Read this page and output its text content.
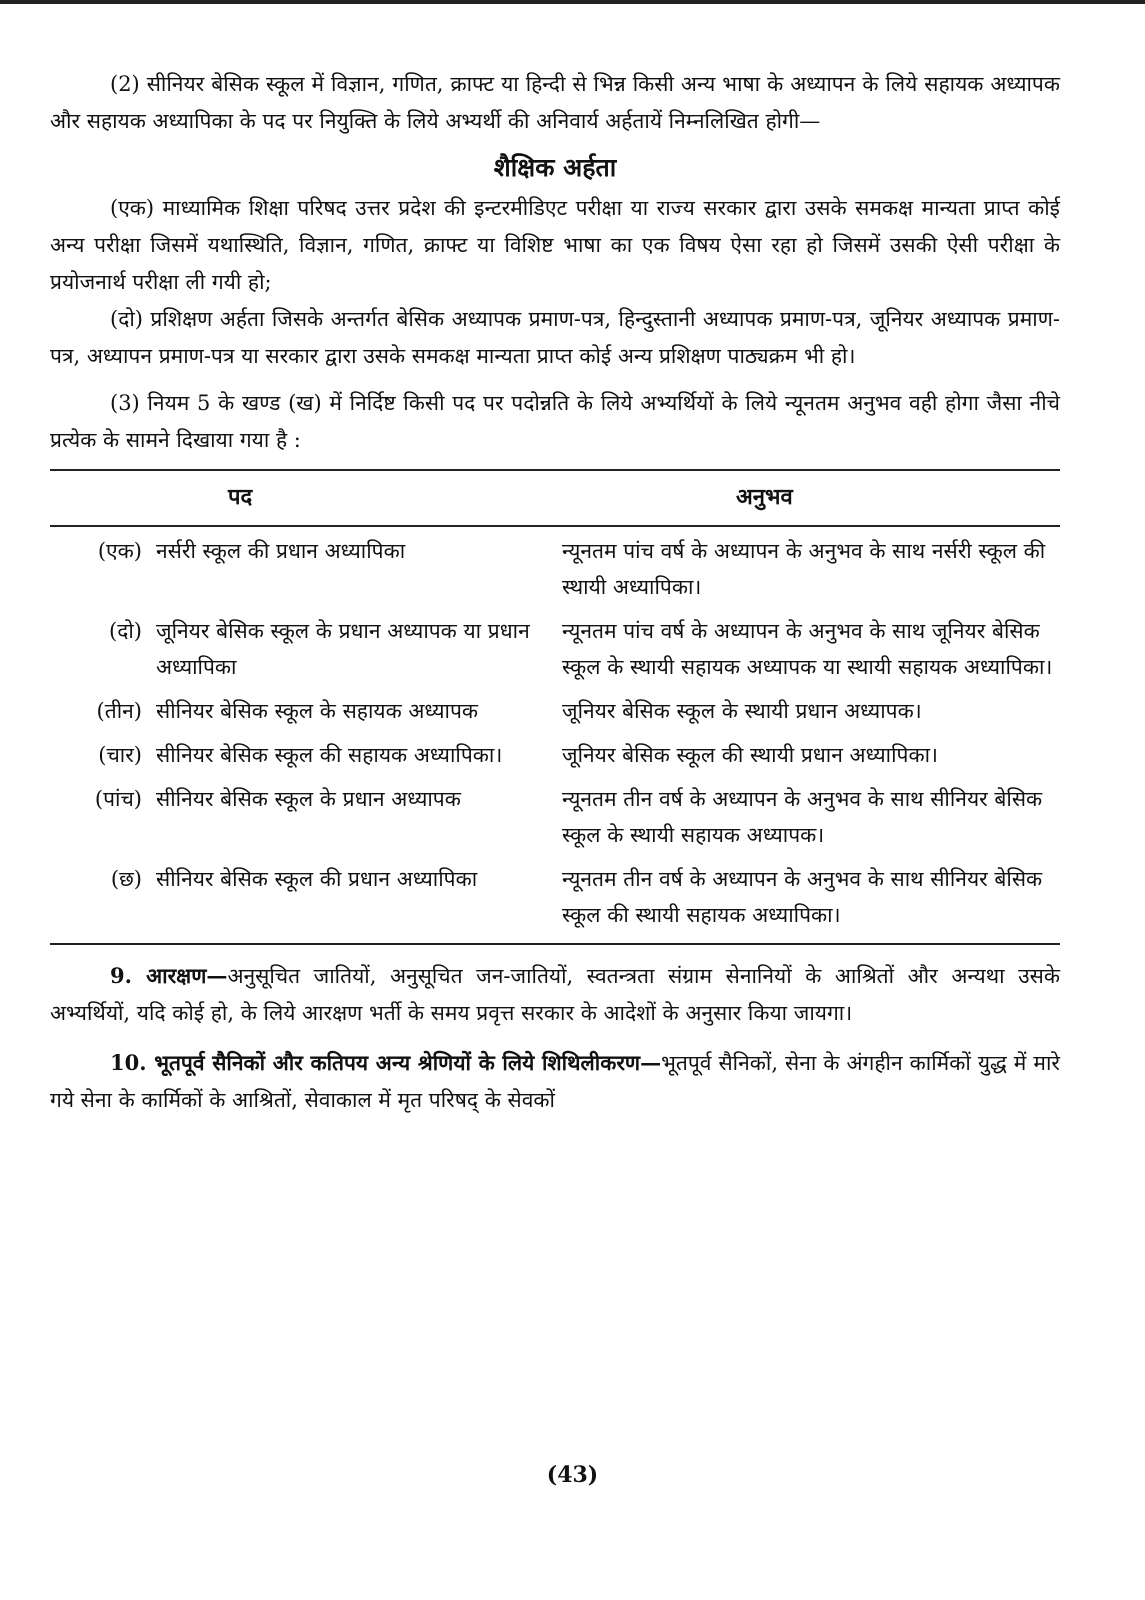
(2) सीनियर बेसिक स्कूल में विज्ञान, गणित, क्राफ्ट या हिन्दी से भिन्न किसी अन्य भाषा के अध्यापन के लिये सहायक अध्यापक और सहायक अध्यापिका के पद पर नियुक्ति के लिये अभ्यर्थी की अनिवार्य अर्हतायें निम्नलिखित होगी—

शैक्षिक अर्हता

(एक) माध्यामिक शिक्षा परिषद उत्तर प्रदेश की इन्टरमीडिएट परीक्षा या राज्य सरकार द्वारा उसके समकक्ष मान्यता प्राप्त कोई अन्य परीक्षा जिसमें यथास्थिति, विज्ञान, गणित, क्राफ्ट या विशिष्ट भाषा का एक विषय ऐसा रहा हो जिसमें उसकी ऐसी परीक्षा के प्रयोजनार्थ परीक्षा ली गयी हो;

(दो) प्रशिक्षण अर्हता जिसके अन्तर्गत बेसिक अध्यापक प्रमाण-पत्र, हिन्दुस्तानी अध्यापक प्रमाण-पत्र, जूनियर अध्यापक प्रमाण-पत्र, अध्यापन प्रमाण-पत्र या सरकार द्वारा उसके समकक्ष मान्यता प्राप्त कोई अन्य प्रशिक्षण पाठ्यक्रम भी हो।

(3) नियम 5 के खण्ड (ख) में निर्दिष्ट किसी पद पर पदोन्नति के लिये अभ्यर्थियों के लिये न्यूनतम अनुभव वही होगा जैसा नीचे प्रत्येक के सामने दिखाया गया है :

पद		अनुभव
(एक)	नर्सरी स्कूल की प्रधान अध्यापिका	न्यूनतम पांच वर्ष के अध्यापन के अनुभव के साथ नर्सरी स्कूल की स्थायी अध्यापिका।
(दो)	जूनियर बेसिक स्कूल के प्रधान अध्यापक या प्रधान अध्यापिका	न्यूनतम पांच वर्ष के अध्यापन के अनुभव के साथ जूनियर बेसिक स्कूल के स्थायी सहायक अध्यापक या स्थायी सहायक अध्यापिका।
(तीन)	सीनियर बेसिक स्कूल के सहायक अध्यापक	जूनियर बेसिक स्कूल के स्थायी प्रधान अध्यापक।
(चार)	सीनियर बेसिक स्कूल की सहायक अध्यापिका।	जूनियर बेसिक स्कूल की स्थायी प्रधान अध्यापिका।
(पांच)	सीनियर बेसिक स्कूल के प्रधान अध्यापक	न्यूनतम तीन वर्ष के अध्यापन के अनुभव के साथ सीनियर बेसिक स्कूल के स्थायी सहायक अध्यापक।
(छ)	सीनियर बेसिक स्कूल की प्रधान अध्यापिका	न्यूनतम तीन वर्ष के अध्यापन के अनुभव के साथ सीनियर बेसिक स्कूल की स्थायी सहायक अध्यापिका।

9. आरक्षण—अनुसूचित जातियों, अनुसूचित जन-जातियों, स्वतन्त्रता संग्राम सेनानियों के आश्रितों और अन्यथा उसके अभ्यर्थियों, यदि कोई हो, के लिये आरक्षण भर्ती के समय प्रवृत्त सरकार के आदेशों के अनुसार किया जायगा।

10. भूतपूर्व सैनिकों और कतिपय अन्य श्रेणियों के लिये शिथिलीकरण—भूतपूर्व सैनिकों, सेना के अंगहीन कार्मिकों युद्ध में मारे गये सेना के कार्मिकों के आश्रितों, सेवाकाल में मृत परिषद् के सेवकों

(43)
